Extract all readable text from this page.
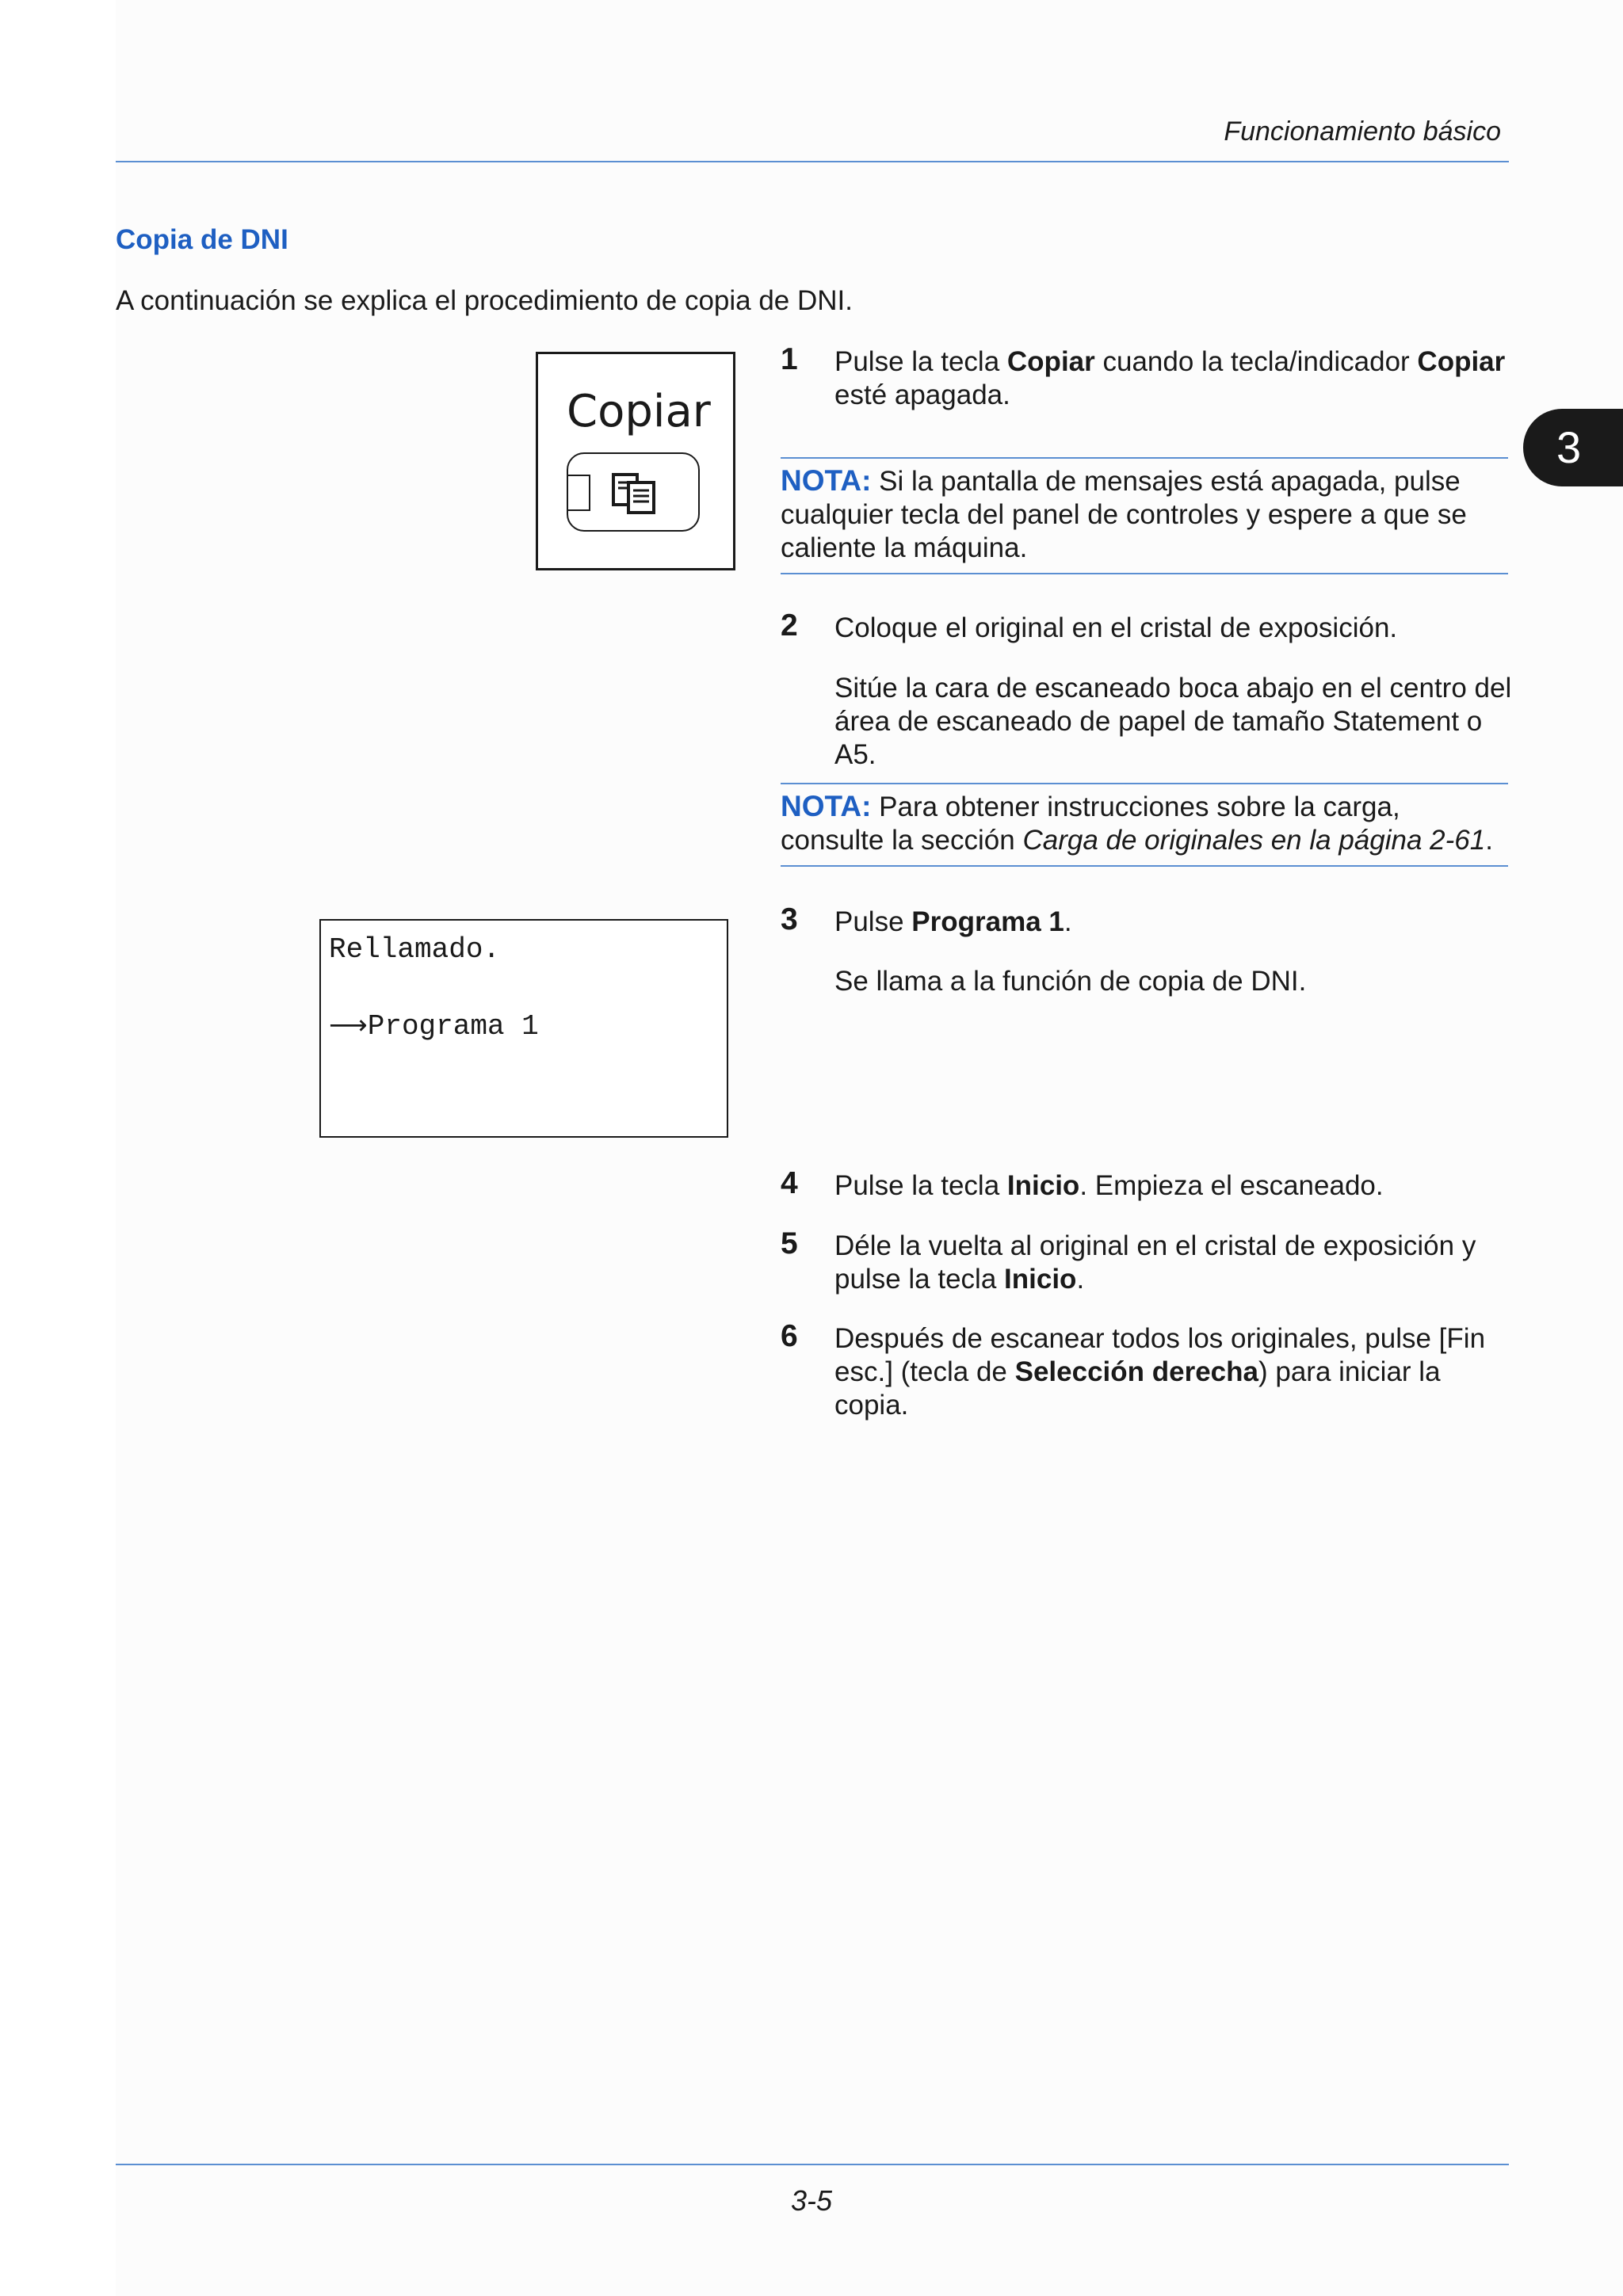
Funcionamiento básico
3
Copia de DNI
A continuación se explica el procedimiento de copia de DNI.
Copiar
1 Pulse la tecla Copiar cuando la tecla/indicador Copiar esté apagada.
NOTA: Si la pantalla de mensajes está apagada, pulse cualquier tecla del panel de controles y espere a que se caliente la máquina.
2 Coloque el original en el cristal de exposición.
Sitúe la cara de escaneado boca abajo en el centro del área de escaneado de papel de tamaño Statement o A5.
NOTA: Para obtener instrucciones sobre la carga, consulte la sección Carga de originales en la página 2-61.
Rellamado.
⟶Programa 1
3 Pulse Programa 1.
Se llama a la función de copia de DNI.
4 Pulse la tecla Inicio. Empieza el escaneado.
5 Déle la vuelta al original en el cristal de exposición y pulse la tecla Inicio.
6 Después de escanear todos los originales, pulse [Fin esc.] (tecla de Selección derecha) para iniciar la copia.
3-5
